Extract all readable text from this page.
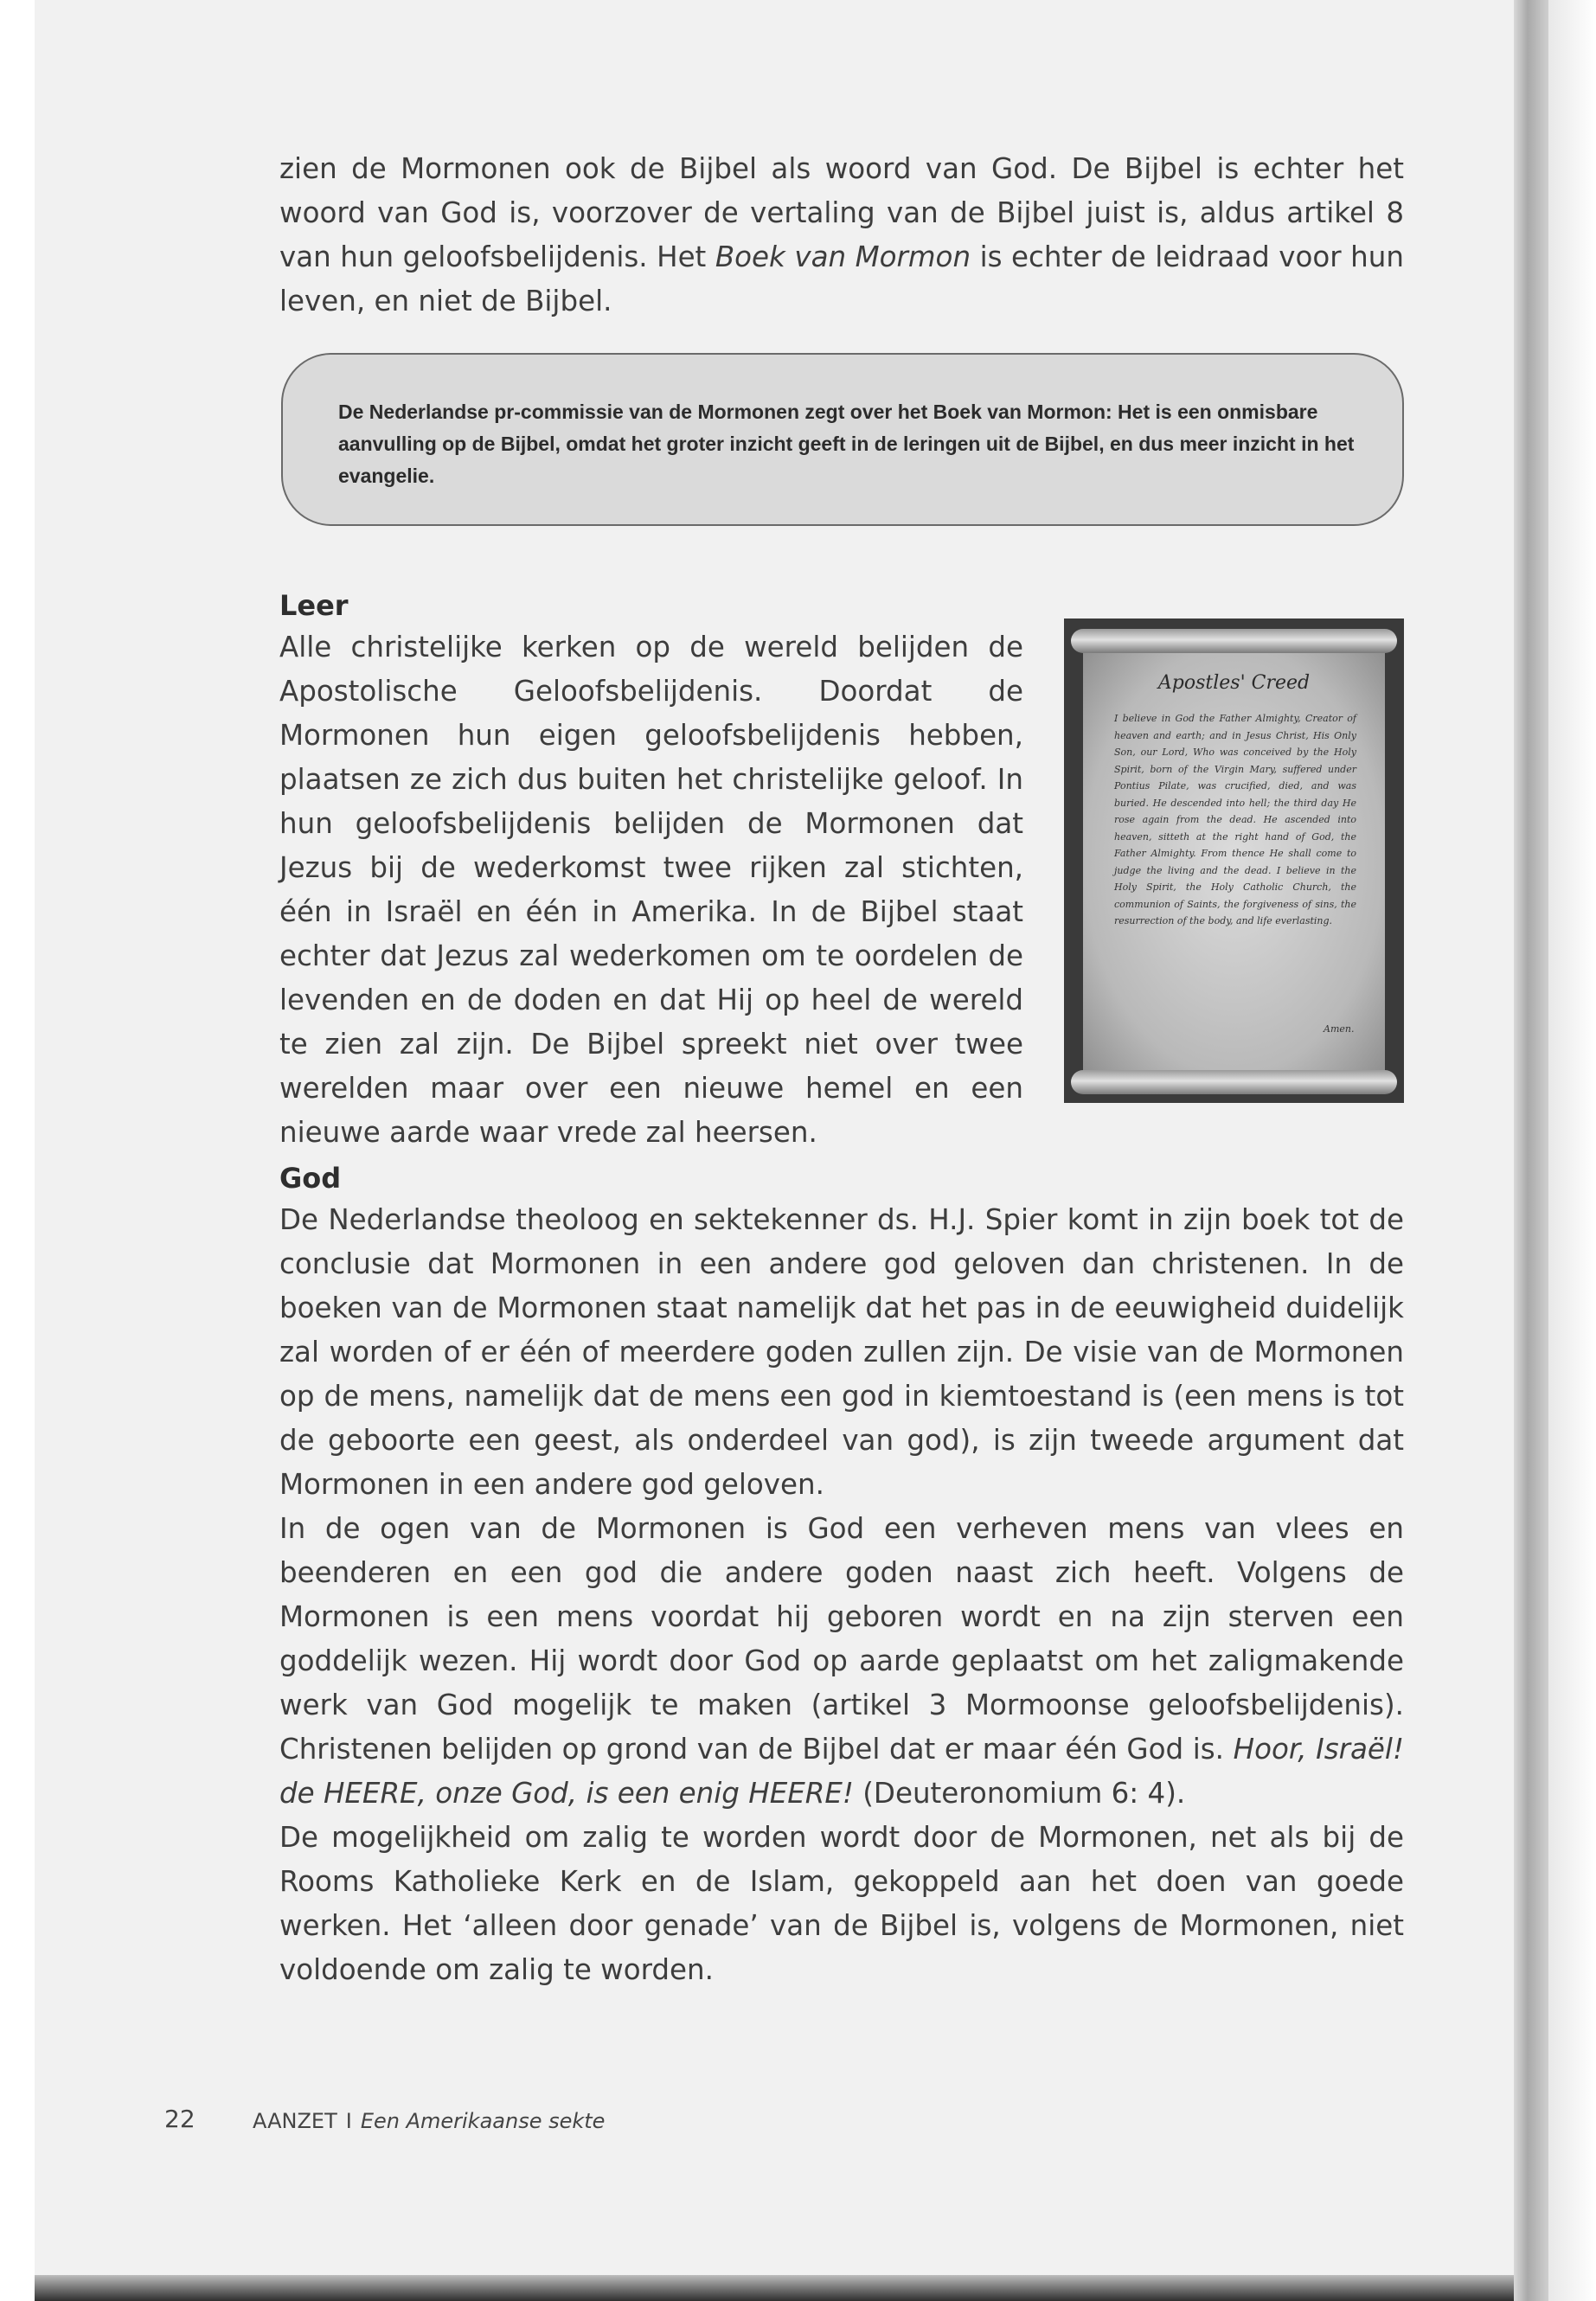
zien de Mormonen ook de Bijbel als woord van God. De Bijbel is echter het woord van God is, voorzover de vertaling van de Bijbel juist is, aldus artikel 8 van hun geloofsbelijdenis. Het Boek van Mormon is echter de leidraad voor hun leven, en niet de Bijbel.

De Nederlandse pr-commissie van de Mormonen zegt over het Boek van Mormon: Het is een onmisbare aanvulling op de Bijbel, omdat het groter inzicht geeft in de leringen uit de Bijbel, en dus meer inzicht in het evangelie.

Leer

Alle christelijke kerken op de wereld belijden de Apostolische Geloofsbelijdenis. Doordat de Mormonen hun eigen geloofsbelijdenis hebben, plaatsen ze zich dus buiten het christelijke geloof. In hun geloofsbelijdenis belijden de Mormonen dat Jezus bij de wederkomst twee rijken zal stichten, één in Israël en één in Amerika. In de Bijbel staat echter dat Jezus zal wederkomen om te oordelen de levenden en de doden en dat Hij op heel de wereld te zien zal zijn. De Bijbel spreekt niet over twee werelden maar over een nieuwe hemel en een nieuwe aarde waar vrede zal heersen.

Apostles' Creed
I believe in God the Father Almighty, Creator of heaven and earth; and in Jesus Christ, His Only Son, our Lord, Who was conceived by the Holy Spirit, born of the Virgin Mary, suffered under Pontius Pilate, was crucified, died, and was buried. He descended into hell; the third day He rose again from the dead. He ascended into heaven, sitteth at the right hand of God, the Father Almighty. From thence He shall come to judge the living and the dead. I believe in the Holy Spirit, the Holy Catholic Church, the communion of Saints, the forgiveness of sins, the resurrection of the body, and life everlasting.
Amen.
God

De Nederlandse theoloog en sektekenner ds. H.J. Spier komt in zijn boek tot de conclusie dat Mormonen in een andere god geloven dan christenen. In de boeken van de Mormonen staat namelijk dat het pas in de eeuwigheid duidelijk zal worden of er één of meerdere goden zullen zijn. De visie van de Mormonen op de mens, namelijk dat de mens een god in kiemtoestand is (een mens is tot de geboorte een geest, als onderdeel van god), is zijn tweede argument dat Mormonen in een andere god geloven.

In de ogen van de Mormonen is God een verheven mens van vlees en beenderen en een god die andere goden naast zich heeft. Volgens de Mormonen is een mens voordat hij geboren wordt en na zijn sterven een goddelijk wezen. Hij wordt door God op aarde geplaatst om het zaligmakende werk van God mogelijk te maken (artikel 3 Mormoonse geloofsbelijdenis). Christenen belijden op grond van de Bijbel dat er maar één God is. Hoor, Israël! de HEERE, onze God, is een enig HEERE! (Deuteronomium 6: 4).

De mogelijkheid om zalig te worden wordt door de Mormonen, net als bij de Rooms Katholieke Kerk en de Islam, gekoppeld aan het doen van goede werken. Het ‘alleen door genade’ van de Bijbel is, volgens de Mormonen, niet voldoende om zalig te worden.

22	AANZET I Een Amerikaanse sekte
